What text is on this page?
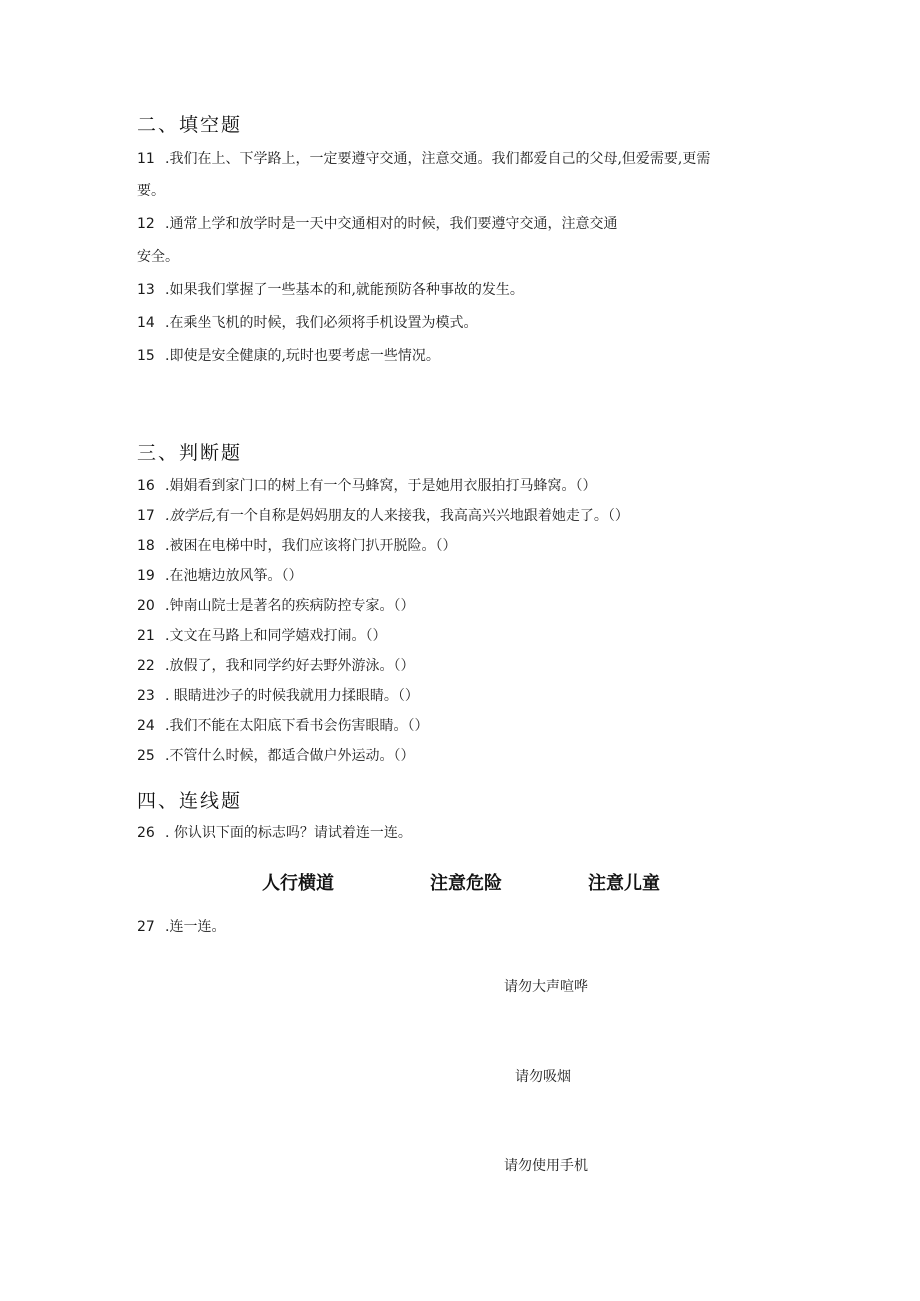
二、填空题
11 .我们在上、下学路上，一定要遵守交通，注意交通。我们都爱自己的父母,但爱需要,更需
要。
12 .通常上学和放学时是一天中交通相对的时候，我们要遵守交通，注意交通
安全。
13 .如果我们掌握了一些基本的和,就能预防各种事故的发生。
14 .在乘坐飞机的时候，我们必须将手机设置为模式。
15 .即使是安全健康的,玩时也要考虑一些情况。
三、判断题
16 .娟娟看到家门口的树上有一个马蜂窝，于是她用衣服拍打马蜂窝。（）
17 .放学后,有一个自称是妈妈朋友的人来接我，我高高兴兴地跟着她走了。（）
18 .被困在电梯中时，我们应该将门扒开脱险。（）
19 .在池塘边放风筝。（）
20 .钟南山院士是著名的疾病防控专家。（）
21 .文文在马路上和同学嬉戏打闹。（）
22 .放假了，我和同学约好去野外游泳。（）
23 . 眼睛进沙子的时候我就用力揉眼睛。（）
24 .我们不能在太阳底下看书会伤害眼睛。（）
25 .不管什么时候，都适合做户外运动。（）
四、连线题
26 . 你认识下面的标志吗？请试着连一连。
人行横道	注意危险	注意儿童
27 .连一连。
请勿大声喧哗
请勿吸烟
请勿使用手机
